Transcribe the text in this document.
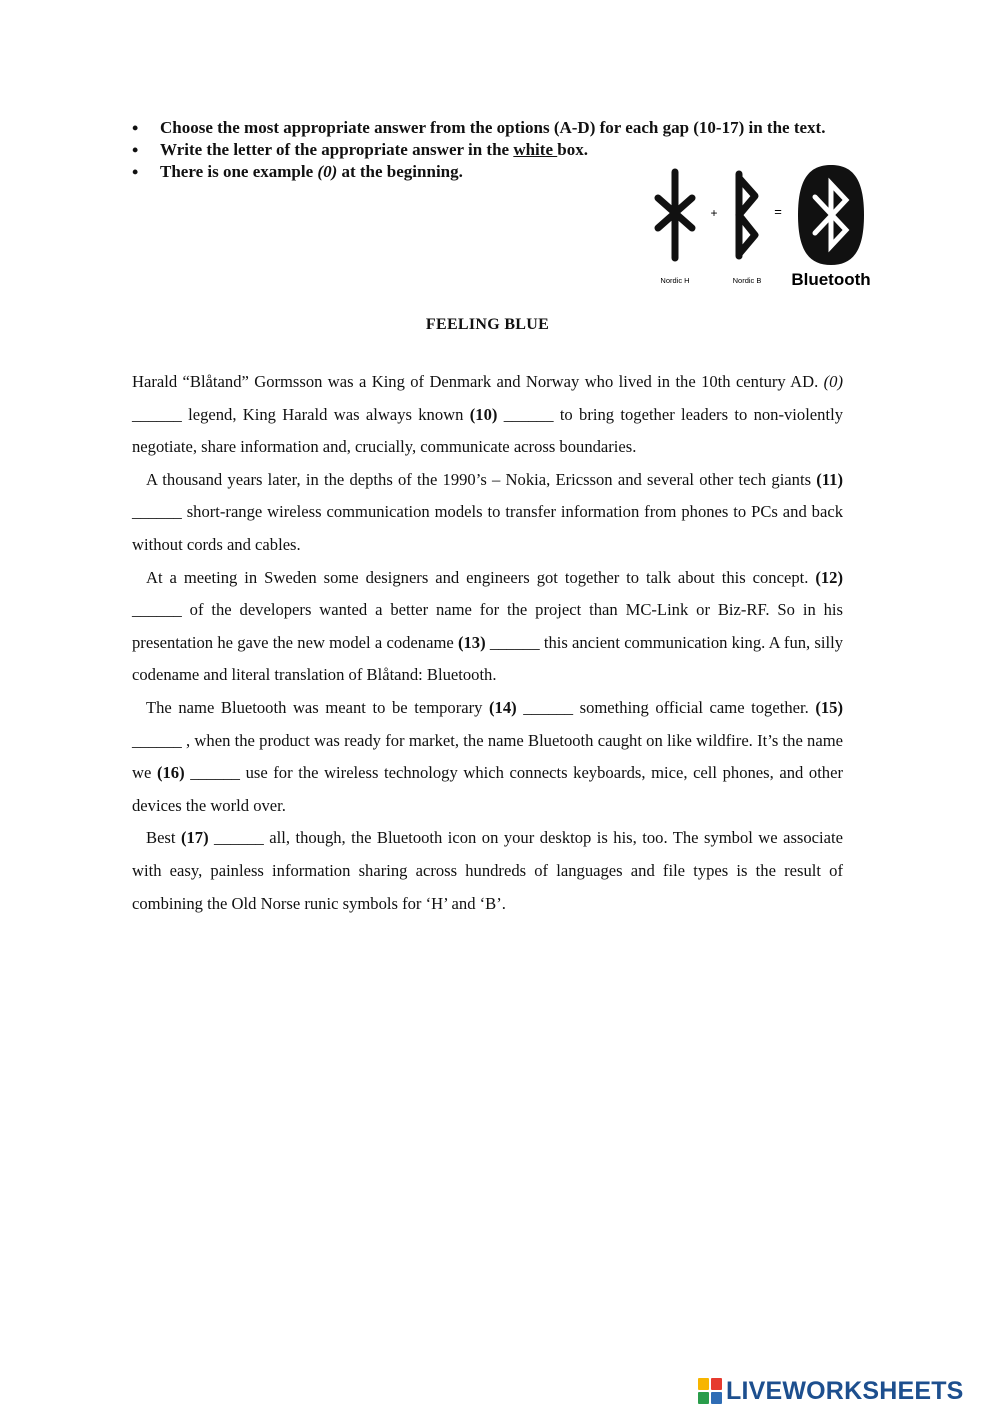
• Choose the most appropriate answer from the options (A-D) for each gap (10-17) in the text.
• Write the letter of the appropriate answer in the white box.
• There is one example (0) at the beginning.
+	=
Nordic H	Nordic B Bluetooth
FEELING BLUE

Harald “Blåtand” Gormsson was a King of Denmark and Norway who lived in the 10th century AD. (0) ______ legend, King Harald was always known (10) ______ to bring together leaders to non-violently negotiate, share information and, crucially, communicate across boundaries.

A thousand years later, in the depths of the 1990’s – Nokia, Ericsson and several other tech giants (11) ______ short-range wireless communication models to transfer information from phones to PCs and back without cords and cables.

At a meeting in Sweden some designers and engineers got together to talk about this concept. (12) ______ of the developers wanted a better name for the project than MC-Link or Biz-RF. So in his presentation he gave the new model a codename (13) ______ this ancient communication king. A fun, silly codename and literal translation of Blåtand: Bluetooth.

The name Bluetooth was meant to be temporary (14) ______ something official came together. (15) ______ , when the product was ready for market, the name Bluetooth caught on like wildfire. It’s the name we (16) ______ use for the wireless technology which connects keyboards, mice, cell phones, and other devices the world over.

Best (17) ______ all, though, the Bluetooth icon on your desktop is his, too. The symbol we associate with easy, painless information sharing across hundreds of languages and file types is the result of combining the Old Norse runic symbols for ‘H’ and ‘B’.

LIVEWORKSHEETS
